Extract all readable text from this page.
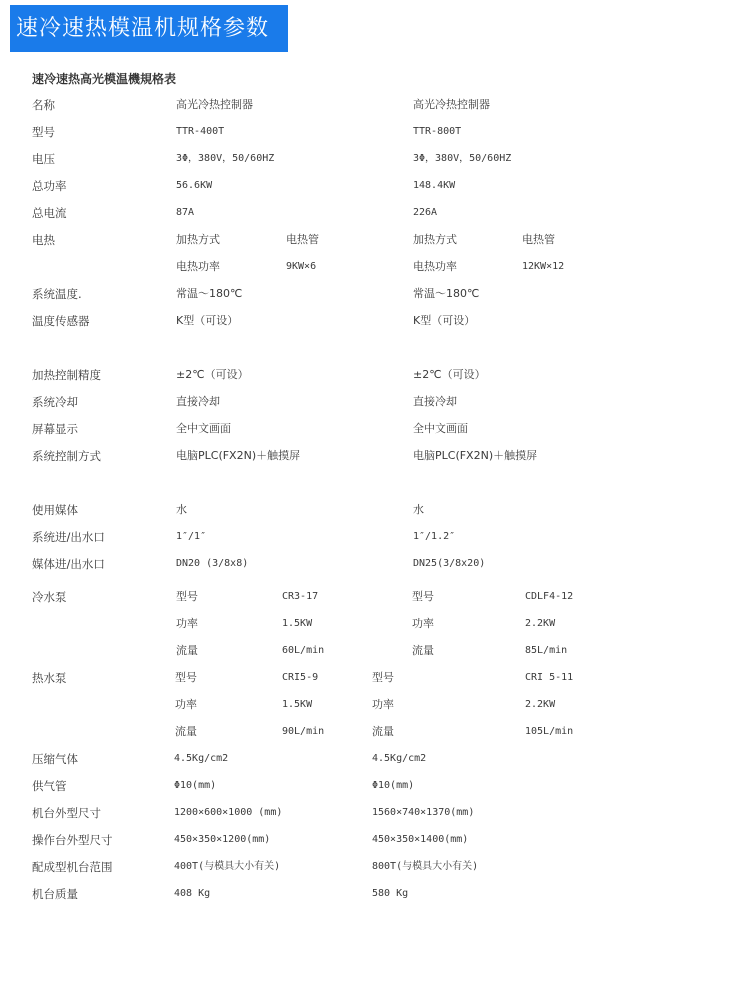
速冷速热模温机规格参数
速冷速热高光模温機規格表
名称	高光冷热控制器	高光冷热控制器
型号	TTR-400T	TTR-800T
电压	3Φ，380V，50/60HZ	3Φ，380V，50/60HZ
总功率	56.6KW	148.4KW
总电流	87A	226A
系统温度.	常温～180℃	常温～180℃
温度传感器	K型（可设）	K型（可设）
加热控制精度	±2℃（可设）	±2℃（可设）
系统冷却	直接冷却	直接冷却
屏幕显示	全中文画面	全中文画面
系统控制方式	电脑PLC(FX2N)＋触摸屏	电脑PLC(FX2N)＋触摸屏
使用媒体	水	水
系统进/出水口	1″/1″	1″/1.2″
媒体进/出水口	DN20 (3/8x8)	DN25(3/8x20)
电热	加热方式	电热管	加热方式	电热管
电热功率	9KW×6	电热功率	12KW×12
冷水泵	型号	CR3-17	型号	CDLF4-12
功率	1.5KW	功率	2.2KW
流量	60L/min	流量	85L/min
热水泵	型号	CRI5-9	型号	CRI 5-11
功率	1.5KW	功率	2.2KW
流量	90L/min	流量	105L/min
压缩气体	4.5Kg/cm2	4.5Kg/cm2
供气管	Φ10(mm)	Φ10(mm)
机台外型尺寸	1200×600×1000 (mm)	1560×740×1370(mm)
操作台外型尺寸	450×350×1200(mm)	450×350×1400(mm)
配成型机台范围	400T(与模具大小有关)	800T(与模具大小有关)
机台质量	408 Kg	580 Kg
